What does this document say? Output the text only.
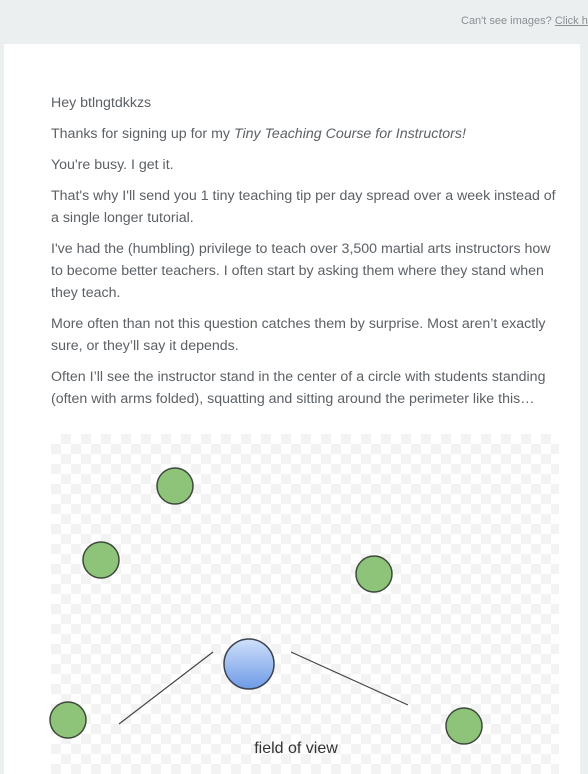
Can't see images? Click h

Hey btlngtdkkzs

Thanks for signing up for my Tiny Teaching Course for Instructors!

You're busy. I get it.

That's why I'll send you 1 tiny teaching tip per day spread over a week instead of a single longer tutorial.

I've had the (humbling) privilege to teach over 3,500 martial arts instructors how to become better teachers. I often start by asking them where they stand when they teach.

More often than not this question catches them by surprise. Most aren’t exactly sure, or they’ll say it depends.

Often I’ll see the instructor stand in the center of a circle with students standing (often with arms folded), squatting and sitting around the perimeter like this…

field of view
